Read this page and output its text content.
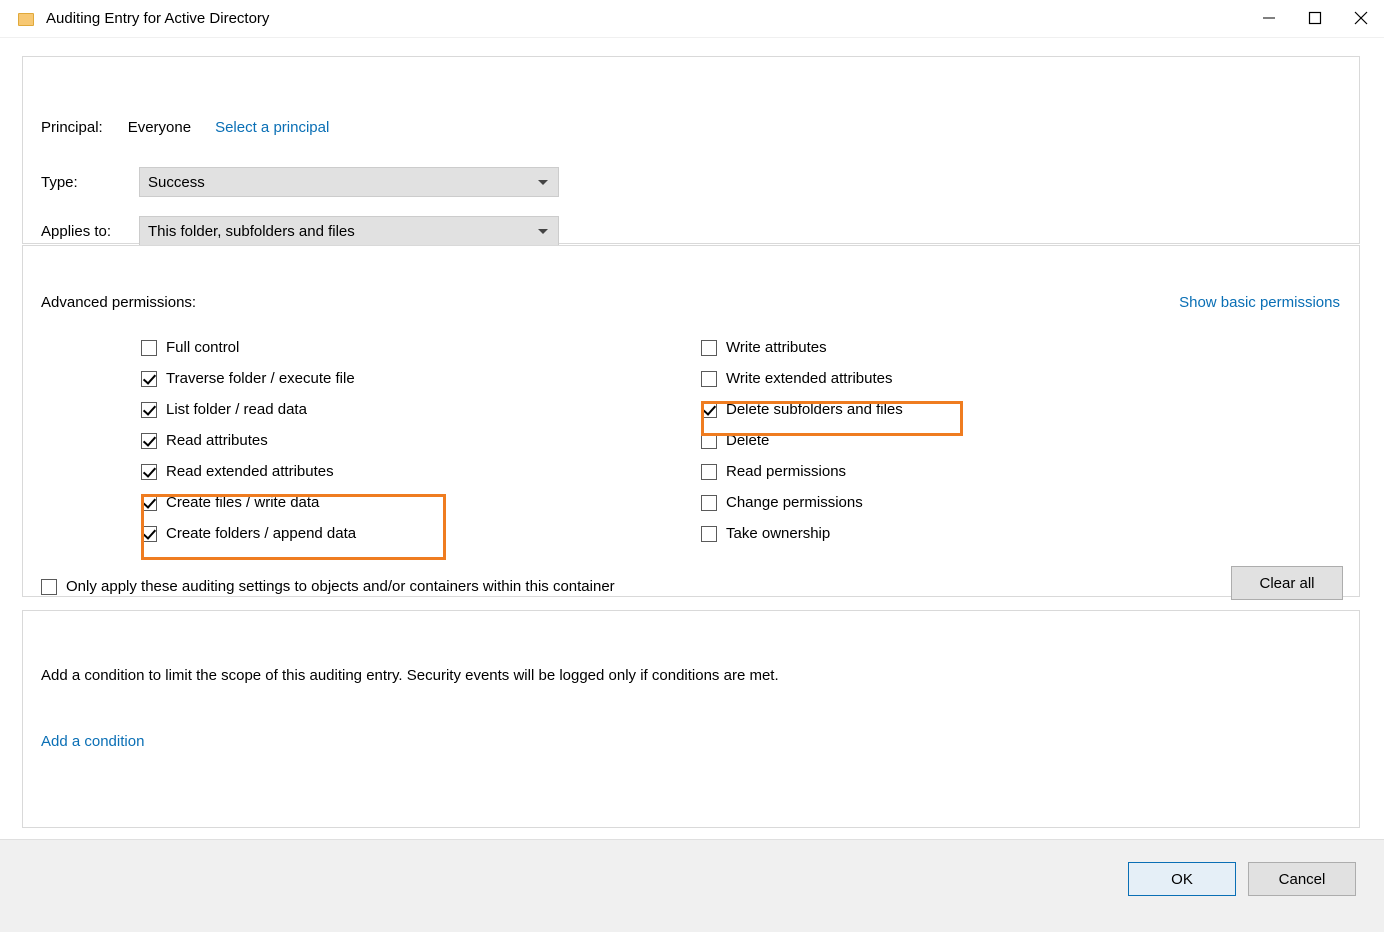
Auditing Entry for Active Directory
Principal: Everyone Select a principal
Type:	Success
Applies to:	This folder, subfolders and files
Advanced permissions:	Show basic permissions
Full control
Traverse folder / execute file
List folder / read data
Read attributes
Read extended attributes
Create files / write data
Create folders / append data
Write attributes
Write extended attributes
Delete subfolders and files
Delete
Read permissions
Change permissions
Take ownership
Only apply these auditing settings to objects and/or containers within this container	Clear all
Add a condition to limit the scope of this auditing entry. Security events will be logged only if conditions are met.
Add a condition
OK	Cancel
